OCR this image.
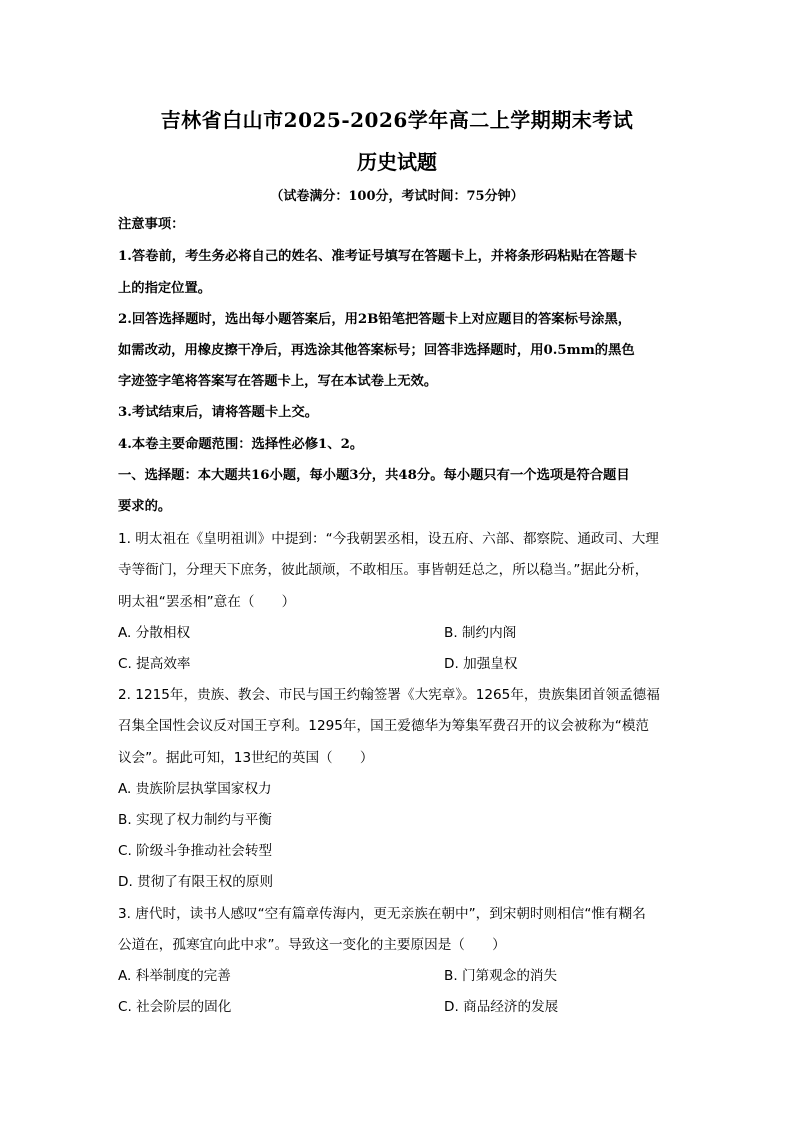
吉林省白山市2025-2026学年高二上学期期末考试
历史试题
（试卷满分：100分，考试时间：75分钟）
注意事项：
1.答卷前，考生务必将自己的姓名、准考证号填写在答题卡上，并将条形码粘贴在答题卡
上的指定位置。
2.回答选择题时，选出每小题答案后，用2B铅笔把答题卡上对应题目的答案标号涂黑，
如需改动，用橡皮擦干净后，再选涂其他答案标号；回答非选择题时，用0.5mm的黑色
字迹签字笔将答案写在答题卡上，写在本试卷上无效。
3.考试结束后，请将答题卡上交。
4.本卷主要命题范围：选择性必修1、2。
一、选择题：本大题共16小题，每小题3分，共48分。每小题只有一个选项是符合题目
要求的。
1. 明太祖在《皇明祖训》中提到：“今我朝罢丞相，设五府、六部、都察院、通政司、大理
寺等衙门，分理天下庶务，彼此颉颃，不敢相压。事皆朝廷总之，所以稳当。”据此分析，
明太祖“罢丞相”意在（　　）
A. 分散相权	B. 制约内阁
C. 提高效率	D. 加强皇权
2. 1215年，贵族、教会、市民与国王约翰签署《大宪章》。1265年，贵族集团首领孟德福
召集全国性会议反对国王亨利。1295年，国王爱德华为筹集军费召开的议会被称为“模范
议会”。据此可知，13世纪的英国（　　）
A. 贵族阶层执掌国家权力
B. 实现了权力制约与平衡
C. 阶级斗争推动社会转型
D. 贯彻了有限王权的原则
3. 唐代时，读书人感叹“空有篇章传海内，更无亲族在朝中”，到宋朝时则相信“惟有糊名
公道在，孤寒宜向此中求”。导致这一变化的主要原因是（　　）
A. 科举制度的完善	B. 门第观念的消失
C. 社会阶层的固化	D. 商品经济的发展
